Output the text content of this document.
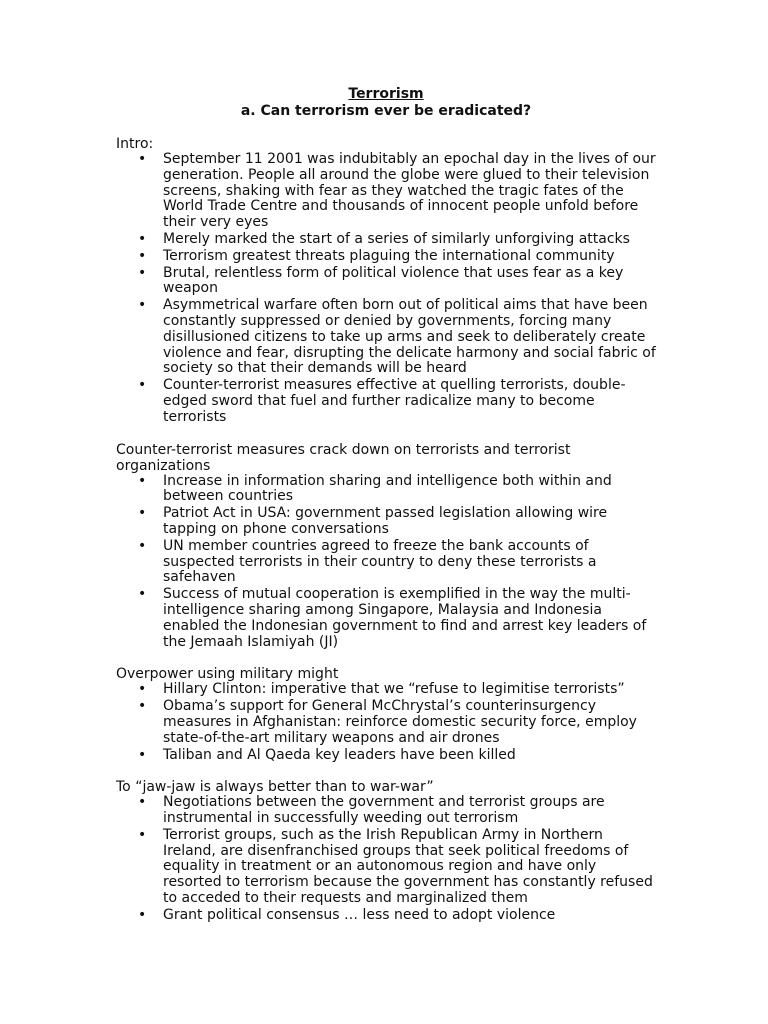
Terrorism

a. Can terrorism ever be eradicated?

Intro:

• September 11 2001 was indubitably an epochal day in the lives of our generation. People all around the globe were glued to their television screens, shaking with fear as they watched the tragic fates of the World Trade Centre and thousands of innocent people unfold before their very eyes
• Merely marked the start of a series of similarly unforgiving attacks
• Terrorism greatest threats plaguing the international community
• Brutal, relentless form of political violence that uses fear as a key weapon
• Asymmetrical warfare often born out of political aims that have been constantly suppressed or denied by governments, forcing many disillusioned citizens to take up arms and seek to deliberately create violence and fear, disrupting the delicate harmony and social fabric of society so that their demands will be heard
• Counter-terrorist measures effective at quelling terrorists, double-edged sword that fuel and further radicalize many to become terrorists

Counter-terrorist measures crack down on terrorists and terrorist organizations

• Increase in information sharing and intelligence both within and between countries
• Patriot Act in USA: government passed legislation allowing wire tapping on phone conversations
• UN member countries agreed to freeze the bank accounts of suspected terrorists in their country to deny these terrorists a safehaven
• Success of mutual cooperation is exemplified in the way the multi-intelligence sharing among Singapore, Malaysia and Indonesia enabled the Indonesian government to find and arrest key leaders of the Jemaah Islamiyah (JI)

Overpower using military might

• Hillary Clinton: imperative that we “refuse to legimitise terrorists”
• Obama’s support for General McChrystal’s counterinsurgency measures in Afghanistan: reinforce domestic security force, employ state-of-the-art military weapons and air drones
• Taliban and Al Qaeda key leaders have been killed

To “jaw-jaw is always better than to war-war”

• Negotiations between the government and terrorist groups are instrumental in successfully weeding out terrorism
• Terrorist groups, such as the Irish Republican Army in Northern Ireland, are disenfranchised groups that seek political freedoms of equality in treatment or an autonomous region and have only resorted to terrorism because the government has constantly refused to acceded to their requests and marginalized them
• Grant political consensus … less need to adopt violence
